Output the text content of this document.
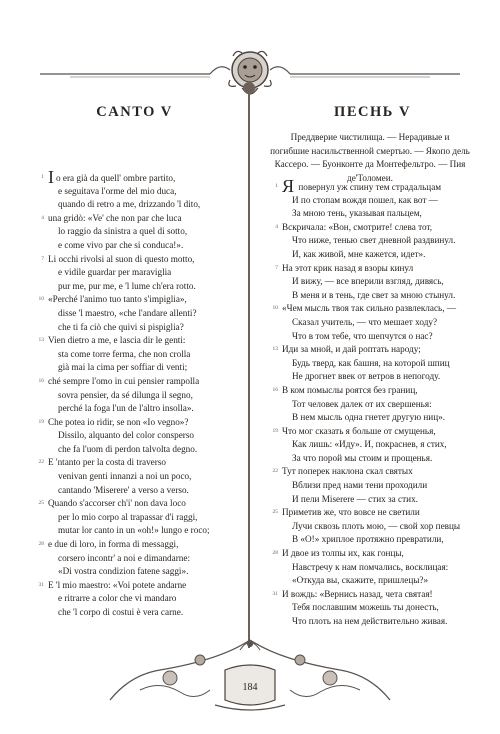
CANTO V
1 I o era già da quell' ombre partito,
e seguitava l'orme del mio duca,
quando di retro a me, drizzando 'l dito,
4 una gridò: «Ve' che non par che luca
lo raggio da sinistra a quel di sotto,
e come vivo par che si conduca!».
7 Li occhi rivolsi al suon di questo motto,
e vidile guardar per maraviglia
pur me, pur me, e 'l lume ch'era rotto.
10 «Perché l'animo tuo tanto s'impiglia»,
disse 'l maestro, «che l'andare allenti?
che ti fa ciò che quivi si pispiglia?
13 Vien dietro a me, e lascia dir le genti:
sta come torre ferma, che non crolla
già mai la cima per soffiar di venti;
16 ché sempre l'omo in cui pensier rampolla
sovra pensier, da sé dilunga il segno,
perché la foga l'un de l'altro insolla».
19 Che potea io ridir, se non «Io vegno»?
Dissilo, alquanto del color consperso
che fa l'uom di perdon talvolta degno.
22 E 'ntanto per la costa di traverso
venivan genti innanzi a noi un poco,
cantando 'Miserere' a verso a verso.
25 Quando s'accorser ch'i' non dava loco
per lo mio corpo al trapassar d'i raggi,
mutar lor canto in un «oh!» lungo e roco;
28 e due di loro, in forma di messaggi,
corsero incontr' a noi e dimandarne:
«Di vostra condizion fatene saggi».
31 E 'l mio maestro: «Voi potete andarne
e ritrarre a color che vi mandaro
che 'l corpo di costui è vera carne.
ПЕСНЬ V
Преддверие чистилища. — Нерадивые и погибшие насильственной смертью. — Якопо дель Кассеро. — Буонконте да Монтефельтро. — Пия де'Толомеи.
1 Я повернул уж спину тем страдальцам
И по стопам вождя пошел, как вот —
За мною тень, указывая пальцем,
4 Вскричала: «Вон, смотрите! слева тот,
Что ниже, тенью свет дневной раздвинул.
И, как живой, мне кажется, идет».
7 На этот крик назад я взоры кинул
И вижу, — все вперили взгляд, дивясь,
В меня и в тень, где свет за мною стынул.
10 «Чем мысль твоя так сильно развлеклась, —
Сказал учитель, — что мешает ходу?
Что в том тебе, что шепчутся о нас?
13 Иди за мной, и дай роптать народу;
Будь тверд, как башня, на которой шпиц
Не дрогнет ввек от ветров в непогоду.
16 В ком помыслы роятся без границ,
Тот человек далек от их свершенья:
В нем мысль одна гнетет другую ниц».
19 Что мог сказать я больше от смущенья,
Как лишь: «Иду». И, покраснев, я стих,
За что порой мы стоим и прощенья.
22 Тут поперек наклона скал святых
Вблизи пред нами тени проходили
И пели Miserere — стих за стих.
25 Приметив же, что вовсе не светили
Лучи сквозь плоть мою, — свой хор певцы
В «О!» хриплое протяжно превратили,
28 И двое из толпы их, как гонцы,
Навстречу к нам помчались, восклицая:
«Откуда вы, скажите, пришлецы?»
31 И вождь: «Вернись назад, чета святая!
Тебя пославшим можешь ты донесть,
Что плоть на нем действительно живая.
184
